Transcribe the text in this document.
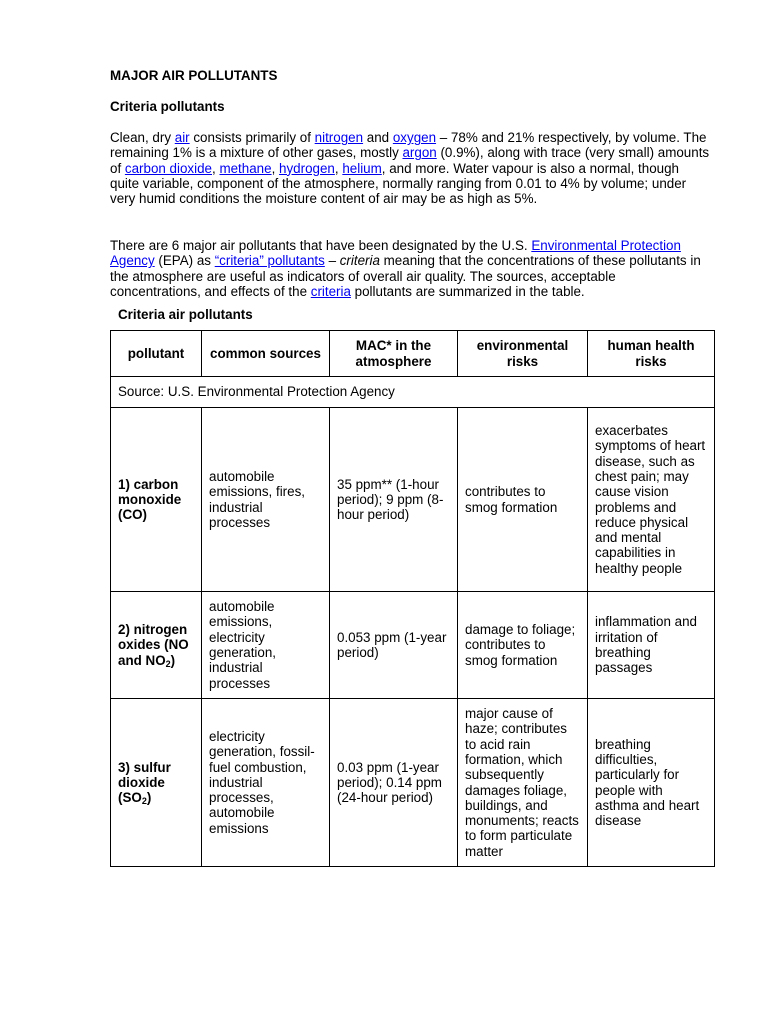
MAJOR AIR POLLUTANTS
Criteria pollutants

Clean, dry air consists primarily of nitrogen and oxygen – 78% and 21% respectively, by volume. The remaining 1% is a mixture of other gases, mostly argon (0.9%), along with trace (very small) amounts of carbon dioxide, methane, hydrogen, helium, and more. Water vapour is also a normal, though quite variable, component of the atmosphere, normally ranging from 0.01 to 4% by volume; under very humid conditions the moisture content of air may be as high as 5%.

There are 6 major air pollutants that have been designated by the U.S. Environmental Protection Agency (EPA) as “criteria” pollutants – criteria meaning that the concentrations of these pollutants in the atmosphere are useful as indicators of overall air quality. The sources, acceptable concentrations, and effects of the criteria pollutants are summarized in the table.

Criteria air pollutants

pollutant	common sources	MAC* in the atmosphere	environmental risks	human health risks
Source: U.S. Environmental Protection Agency				
1) carbon monoxide (CO)	automobile emissions, fires, industrial processes	35 ppm** (1-hour period); 9 ppm (8-hour period)	contributes to smog formation	exacerbates symptoms of heart disease, such as chest pain; may cause vision problems and reduce physical and mental capabilities in healthy people
2) nitrogen oxides (NO and $NO_2$)	automobile emissions, electricity generation, industrial processes	0.053 ppm (1-year period)	damage to foliage; contributes to smog formation	inflammation and irritation of breathing passages
3) sulfur dioxide $(SO_2)$	electricity generation, fossil-fuel combustion, industrial processes, automobile emissions	0.03 ppm (1-year period); 0.14 ppm (24-hour period)	major cause of haze; contributes to acid rain formation, which subsequently damages foliage, buildings, and monuments; reacts to form particulate matter	breathing difficulties, particularly for people with asthma and heart disease
